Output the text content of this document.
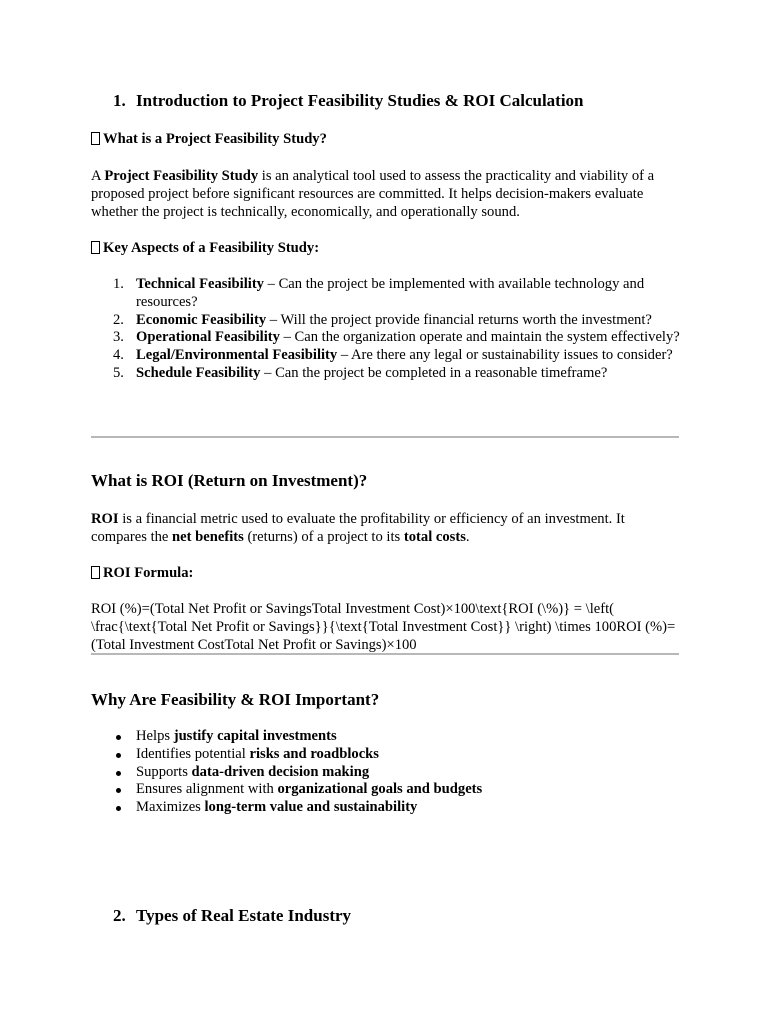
1. Introduction to Project Feasibility Studies & ROI Calculation
What is a Project Feasibility Study?
A Project Feasibility Study is an analytical tool used to assess the practicality and viability of a proposed project before significant resources are committed. It helps decision-makers evaluate whether the project is technically, economically, and operationally sound.
Key Aspects of a Feasibility Study:
1. Technical Feasibility – Can the project be implemented with available technology and resources?
2. Economic Feasibility – Will the project provide financial returns worth the investment?
3. Operational Feasibility – Can the organization operate and maintain the system effectively?
4. Legal/Environmental Feasibility – Are there any legal or sustainability issues to consider?
5. Schedule Feasibility – Can the project be completed in a reasonable timeframe?
What is ROI (Return on Investment)?
ROI is a financial metric used to evaluate the profitability or efficiency of an investment. It compares the net benefits (returns) of a project to its total costs.
ROI Formula:
ROI (%)=(Total Net Profit or SavingsTotal Investment Cost)×100\text{ROI (\%)} = \left( \frac{\text{Total Net Profit or Savings}}{\text{Total Investment Cost}} \right) \times 100ROI (%)=(Total Investment CostTotal Net Profit or Savings)×100
Why Are Feasibility & ROI Important?
Helps justify capital investments
Identifies potential risks and roadblocks
Supports data-driven decision making
Ensures alignment with organizational goals and budgets
Maximizes long-term value and sustainability
2. Types of Real Estate Industry
